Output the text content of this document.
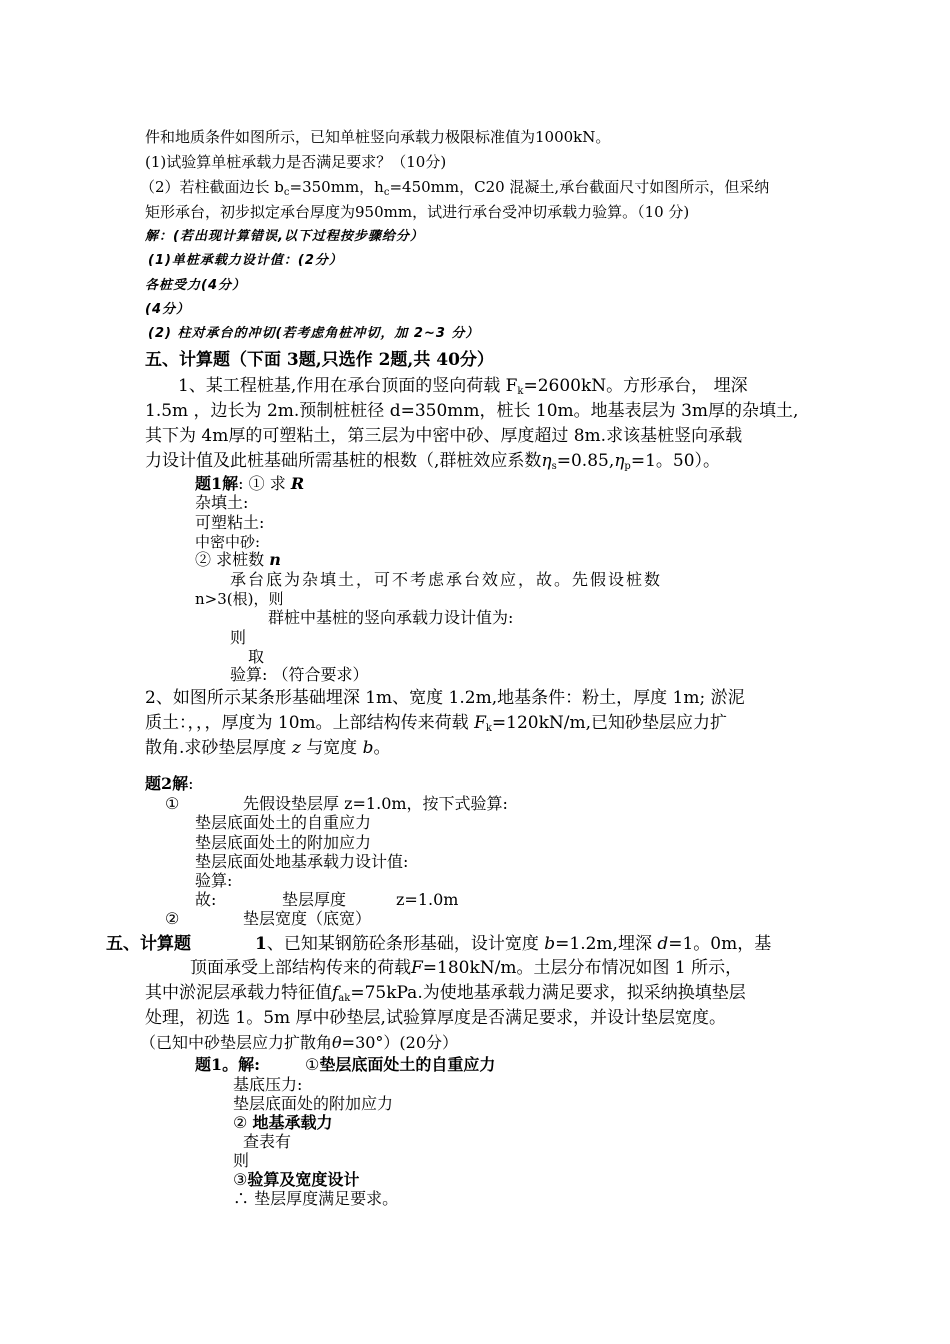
件和地质条件如图所示，已知单桩竖向承载力极限标准值为1000kN。
(1)试验算单桩承载力是否满足要求？（10分)
（2）若柱截面边长 $b_c=350mm$，$h_c=450mm$，C20 混凝土,承台截面尺寸如图所示，但采纳
矩形承台，初步拟定承台厚度为950mm，试进行承台受冲切承载力验算。（10 分)
解：(若出现计算错误,以下过程按步骤给分）
(1)单桩承载力设计值：(2分）
各桩受力(4分）
(4分）
(2) 柱对承台的冲切(若考虑角桩冲切，加 2~3 分）
五、计算题（下面 3题,只选作 2题,共 40分）
1、某工程桩基,作用在承台顶面的竖向荷载 $F_k=2600kN$。方形承台， 埋深
1.5m ，边长为 2m.预制桩桩径 d=350mm，桩长 10m。地基表层为 3m厚的杂填土,
其下为 4m厚的可塑粘土，第三层为中密中砂、厚度超过 8m.求该基桩竖向承载
力设计值及此桩基础所需基桩的根数（,群桩效应系数$\eta_s=0.85,\eta_p=1$。50）。
题1解: ① 求 R
杂填土:
可塑粘土:
中密中砂:
② 求桩数 n
承台底为杂填土，可不考虑承台效应，故。先假设桩数
n>3(根)，则
群桩中基桩的竖向承载力设计值为:
则
取
验算: （符合要求）
2、如图所示某条形基础埋深 1m、宽度 1.2m,地基条件：粉土，厚度 1m; 淤泥
质土：，，，厚度为 10m。上部结构传来荷载 $F_k=120kN/m$,已知砂垫层应力扩
散角.求砂垫层厚度 z 与宽度 b。
题2解:
①	先假设垫层厚 z=1.0m，按下式验算:
垫层底面处土的自重应力
垫层底面处土的附加应力
垫层底面处地基承载力设计值:
验算:
故:	垫层厚度	z=1.0m
②	垫层宽度（底宽）
五、计算题	1、已知某钢筋砼条形基础，设计宽度 b=1.2m,埋深 d=1。0m，基
顶面承受上部结构传来的荷载F=180kN/m。土层分布情况如图 1 所示，
其中淤泥层承载力特征值$f_{ak}=75kPa$.为使地基承载力满足要求，拟采纳换填垫层
处理，初选 1。5m 厚中砂垫层,试验算厚度是否满足要求，并设计垫层宽度。
（已知中砂垫层应力扩散角θ=30°）(20分）
题1。解:	①垫层底面处土的自重应力
基底压力:
垫层底面处的附加应力
② 地基承载力
查表有
则
③验算及宽度设计
∴ 垫层厚度满足要求。
